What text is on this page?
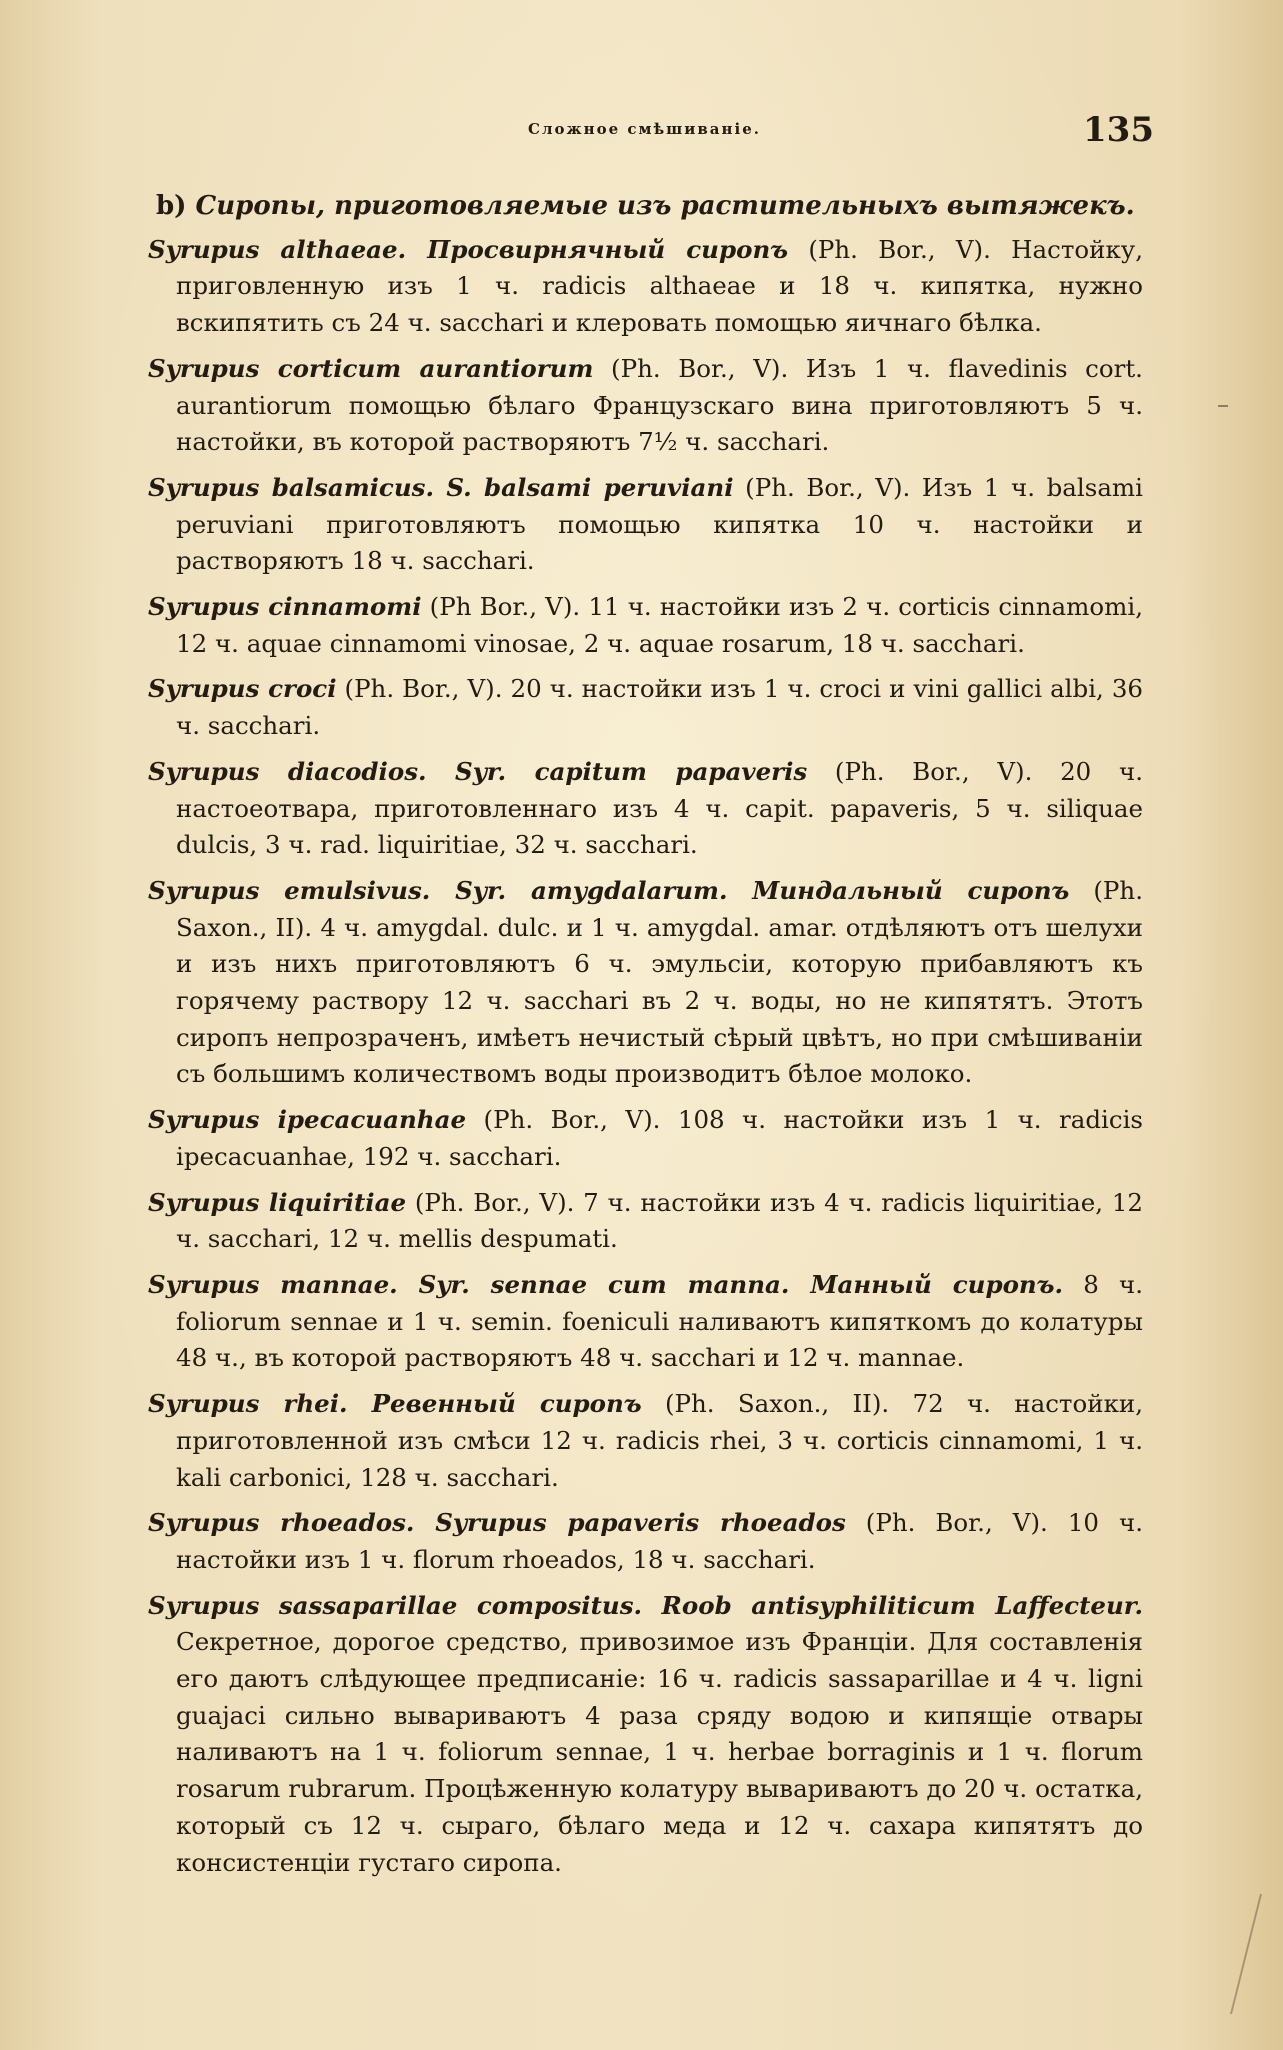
Сложное смѣшиваніе.	135

b) Сиропы, приготовляемые изъ растительныхъ вытяжекъ.

Syrupus althaeae. Просвирнячный сиропъ (Ph. Bor., V). Настойку, приговленную изъ 1 ч. radicis althaeae и 18 ч. кипятка, нужно вскипятить съ 24 ч. sacchari и клеровать помощью яичнаго бѣлка.

Syrupus corticum aurantiorum (Ph. Bor., V). Изъ 1 ч. flavedinis cort. aurantiorum помощью бѣлаго Французскаго вина приготовляютъ 5 ч. настойки, въ которой растворяютъ 7½ ч. sacchari.

Syrupus balsamicus. S. balsami peruviani (Ph. Bor., V). Изъ 1 ч. balsami peruviani приготовляютъ помощью кипятка 10 ч. настойки и растворяютъ 18 ч. sacchari.

Syrupus cinnamomi (Ph Bor., V). 11 ч. настойки изъ 2 ч. corticis cinnamomi, 12 ч. aquae cinnamomi vinosae, 2 ч. aquae rosarum, 18 ч. sacchari.

Syrupus croci (Ph. Bor., V). 20 ч. настойки изъ 1 ч. croci и vini gallici albi, 36 ч. sacchari.

Syrupus diacodios. Syr. capitum papaveris (Ph. Bor., V). 20 ч. настоеотвара, приготовленнаго изъ 4 ч. capit. papaveris, 5 ч. siliquae dulcis, 3 ч. rad. liquiritiae, 32 ч. sacchari.

Syrupus emulsivus. Syr. amygdalarum. Миндальный сиропъ (Ph. Saxon., II). 4 ч. amygdal. dulc. и 1 ч. amygdal. amar. отдѣляютъ отъ шелухи и изъ нихъ приготовляютъ 6 ч. эмульсіи, которую прибавляютъ къ горячему раствору 12 ч. sacchari въ 2 ч. воды, но не кипятятъ. Этотъ сиропъ непрозраченъ, имѣетъ нечистый сѣрый цвѣтъ, но при смѣшиваніи съ большимъ количествомъ воды производитъ бѣлое молоко.

Syrupus ipecacuanhae (Ph. Bor., V). 108 ч. настойки изъ 1 ч. radicis ipecacuanhae, 192 ч. sacchari.

Syrupus liquiritiae (Ph. Bor., V). 7 ч. настойки изъ 4 ч. radicis liquiritiae, 12 ч. sacchari, 12 ч. mellis despumati.

Syrupus mannae. Syr. sennae cum manna. Манный сиропъ. 8 ч. foliorum sennae и 1 ч. semin. foeniculi наливаютъ кипяткомъ до колатуры 48 ч., въ которой растворяютъ 48 ч. sacchari и 12 ч. mannae.

Syrupus rhei. Ревенный сиропъ (Ph. Saxon., II). 72 ч. настойки, приготовленной изъ смѣси 12 ч. radicis rhei, 3 ч. corticis cinnamomi, 1 ч. kali carbonici, 128 ч. sacchari.

Syrupus rhoeados. Syrupus papaveris rhoeados (Ph. Bor., V). 10 ч. настойки изъ 1 ч. florum rhoeados, 18 ч. sacchari.

Syrupus sassaparillae compositus. Roob antisyphiliticum Laffecteur. Секретное, дорогое средство, привозимое изъ Франціи. Для составленія его даютъ слѣдующее предписаніе: 16 ч. radicis sassaparillae и 4 ч. ligni guajaci сильно вывариваютъ 4 раза сряду водою и кипящіе отвары наливаютъ на 1 ч. foliorum sennae, 1 ч. herbae borraginis и 1 ч. florum rosarum rubrarum. Процѣженную колатуру вывариваютъ до 20 ч. остатка, который съ 12 ч. сыраго, бѣлаго меда и 12 ч. сахара кипятятъ до консистенціи густаго сиропа.
